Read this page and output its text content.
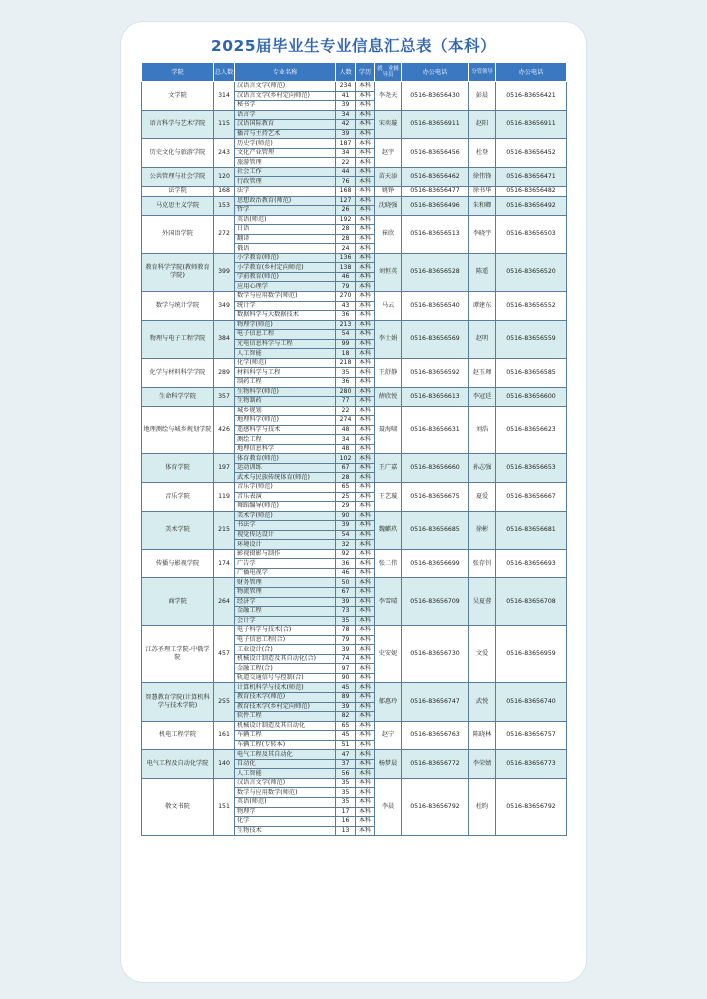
2025届毕业生专业信息汇总表（本科）
学院	总人数	专业名称	人数	学历	就　业辅导员	办公电话	分管领导	办公电话
文学院	314	汉语言文学(师范)	234	本科	李尧天	0516-83656430	彭晨	0516-83656421
		汉语言文学(乡村定向师范)	41	本科				
		秘书学	39	本科				
语言科学与艺术学院	115	语言学	34	本科	宋奕璇	0516-83656911	赵阳	0516-83656911
		汉语国际教育	42	本科				
		播音与主持艺术	39	本科				
历史文化与旅游学院	243	历史学(师范)	187	本科	赵宇	0516-83656456	杜登	0516-83656452
		文化产业管理	34	本科				
		旅游管理	22	本科				
公共管理与社会学院	120	社会工作	44	本科	苗天添	0516-83656462	徐伟锋	0516-83656471
		行政管理	76	本科				
法学院	168	法学	168	本科	姚铮	0516-83656477	徐书华	0516-83656482
马克思主义学院	153	思想政治教育(师范)	127	本科	沈晓强	0516-83656496	朱和卿	0516-83656492
		哲学	26	本科				
外国语学院	272	英语(师范)	192	本科	崔欣	0516-83656513	李晓宇	0516-83656503
		日语	28	本科				
		翻译	28	本科				
		俄语	24	本科				
教育科学学院(教师教育学院)	399	小学教育(师范)	136	本科	刘恒英	0516-83656528	陈遥	0516-83656520
		小学教育(乡村定向师范)	138	本科				
		学前教育(师范)	46	本科				
		应用心理学	79	本科				
数学与统计学院	349	数学与应用数学(师范)	270	本科	马云	0516-83656540	谭建东	0516-83656552
		统计学	43	本科				
		数据科学与大数据技术	36	本科				
物理与电子工程学院	384	物理学(师范)	213	本科	李士娟	0516-83656569	赵明	0516-83656559
		电子信息工程	54	本科				
		光电信息科学与工程	99	本科				
		人工智能	18	本科				
化学与材料科学学院	289	化学(师范)	218	本科	王舒静	0516-83656592	赵玉琿	0516-83656585
		材料科学与工程	35	本科				
		制药工程	36	本科				
生命科学学院	357	生物科学(师范)	280	本科	薛欣悦	0516-83656613	李冠廷	0516-83656600
		生物制药	77	本科				
地理测绘与城乡规划学院	426	城乡规划	22	本科	聂海啸	0516-83656631	刘浩	0516-83656623
		地理科学(师范)	274	本科				
		遥感科学与技术	48	本科				
		测绘工程	34	本科				
		地理信息科学	48	本科				
体育学院	197	体育教育(师范)	102	本科	王广嘉	0516-83656660	孙志强	0516-83656653
		运动训练	67	本科				
		武术与民族传统体育(师范)	28	本科				
音乐学院	119	音乐学(师范)	65	本科	王艺璇	0516-83656675	夏爱	0516-83656667
		音乐表演	25	本科				
		舞蹈编导(师范)	29	本科				
美术学院	215	美术学(师范)	90	本科	魏麒玖	0516-83656685	徐彬	0516-83656681
		书法学	39	本科				
		视觉传达设计	54	本科				
		环境设计	32	本科				
传播与影视学院	174	影视摄影与制作	92	本科	张二伟	0516-83656699	张存钊	0516-83656693
		广告学	36	本科				
		广播电视学	46	本科				
商学院	264	财务管理	50	本科	李雪晴	0516-83656709	吴夏蓉	0516-83656708
		物流管理	67	本科				
		经济学	39	本科				
		金融工程	73	本科				
		会计学	35	本科				
江苏圣理工学院-中俄学院	457	电子科学与技术(合)	78	本科	史安妮	0516-83656730	文爱	0516-83656959
		电子信息工程(合)	79	本科				
		工业设计(合)	39	本科				
		机械设计制造及其自动化(合)	74	本科				
		金融工程(合)	97	本科				
		轨道交通信号与控制(合)	90	本科				
智慧教育学院(计算机科学与技术学院)	255	计算机科学与技术(师范)	45	本科	郁惠玲	0516-83656747	武悦	0516-83656740
		教育技术学(师范)	89	本科				
		教育技术学(乡村定向师范)	39	本科				
		软件工程	82	本科				
机电工程学院	161	机械设计制造及其自动化	65	本科	赵宁	0516-83656763	陈晓林	0516-83656757
		车辆工程	45	本科				
		车辆工程(专转本)	51	本科				
电气工程及自动化学院	140	电气工程及其自动化	47	本科	杨梦晨	0516-83656772	李荣婧	0516-83656773
		自动化	37	本科				
		人工智能	56	本科				
敬文书院	151	汉语言文学(师范)	35	本科	李晨	0516-83656792	杜昀	0516-83656792
		数学与应用数学(师范)	35	本科				
		英语(师范)	35	本科				
		物理学	17	本科				
		化学	16	本科				
		生物技术	13	本科				
